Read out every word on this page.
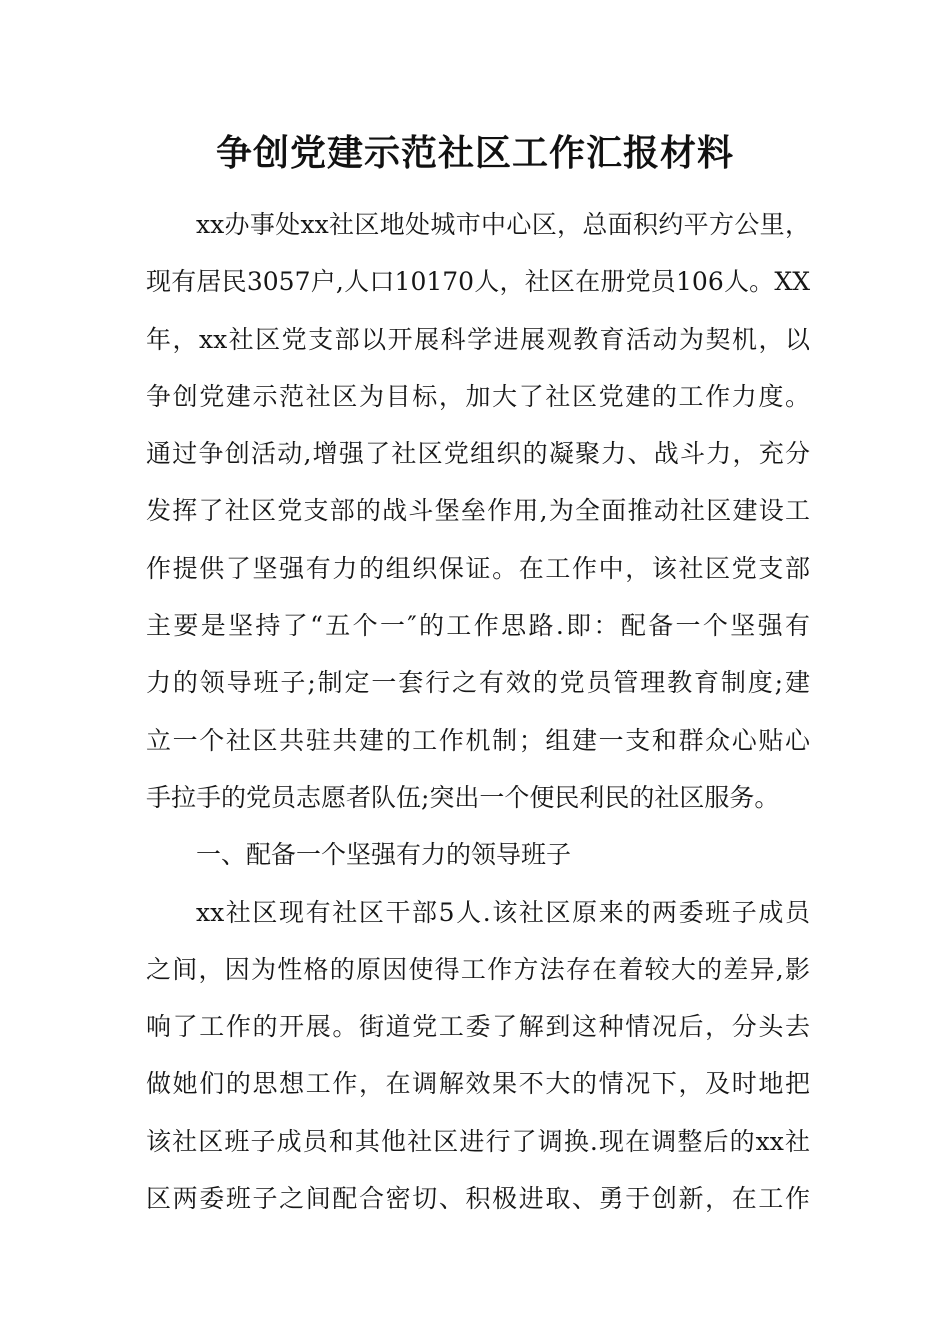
争创党建示范社区工作汇报材料
xx办事处xx社区地处城市中心区，总面积约平方公里，
现有居民3057户,人口10170人，社区在册党员106人。XX
年，xx社区党支部以开展科学进展观教育活动为契机，以
争创党建示范社区为目标，加大了社区党建的工作力度。
通过争创活动,增强了社区党组织的凝聚力、战斗力，充分
发挥了社区党支部的战斗堡垒作用,为全面推动社区建设工
作提供了坚强有力的组织保证。在工作中，该社区党支部
主要是坚持了“五个一″的工作思路.即：配备一个坚强有
力的领导班子;制定一套行之有效的党员管理教育制度;建
立一个社区共驻共建的工作机制；组建一支和群众心贴心
手拉手的党员志愿者队伍;突出一个便民利民的社区服务。
一、配备一个坚强有力的领导班子
xx社区现有社区干部5人.该社区原来的两委班子成员
之间，因为性格的原因使得工作方法存在着较大的差异,影
响了工作的开展。街道党工委了解到这种情况后，分头去
做她们的思想工作，在调解效果不大的情况下，及时地把
该社区班子成员和其他社区进行了调换.现在调整后的xx社
区两委班子之间配合密切、积极进取、勇于创新，在工作
